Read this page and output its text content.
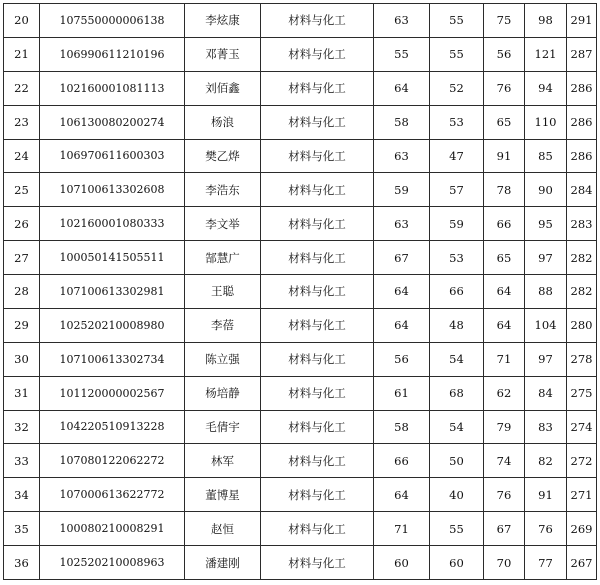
20	107550000006138	李炫康	材料与化工	63	55	75	98	291
21	106990611210196	邓菁玉	材料与化工	55	55	56	121	287
22	102160001081113	刘佰鑫	材料与化工	64	52	76	94	286
23	106130080200274	杨浪	材料与化工	58	53	65	110	286
24	106970611600303	樊乙烨	材料与化工	63	47	91	85	286
25	107100613302608	李浩东	材料与化工	59	57	78	90	284
26	102160001080333	李文举	材料与化工	63	59	66	95	283
27	100050141505511	郜慧广	材料与化工	67	53	65	97	282
28	107100613302981	王聪	材料与化工	64	66	64	88	282
29	102520210008980	李蓓	材料与化工	64	48	64	104	280
30	107100613302734	陈立强	材料与化工	56	54	71	97	278
31	101120000002567	杨培静	材料与化工	61	68	62	84	275
32	104220510913228	毛倩宇	材料与化工	58	54	79	83	274
33	107080122062272	林军	材料与化工	66	50	74	82	272
34	107000613622772	董博星	材料与化工	64	40	76	91	271
35	100080210008291	赵恒	材料与化工	71	55	67	76	269
36	102520210008963	潘建刚	材料与化工	60	60	70	77	267
